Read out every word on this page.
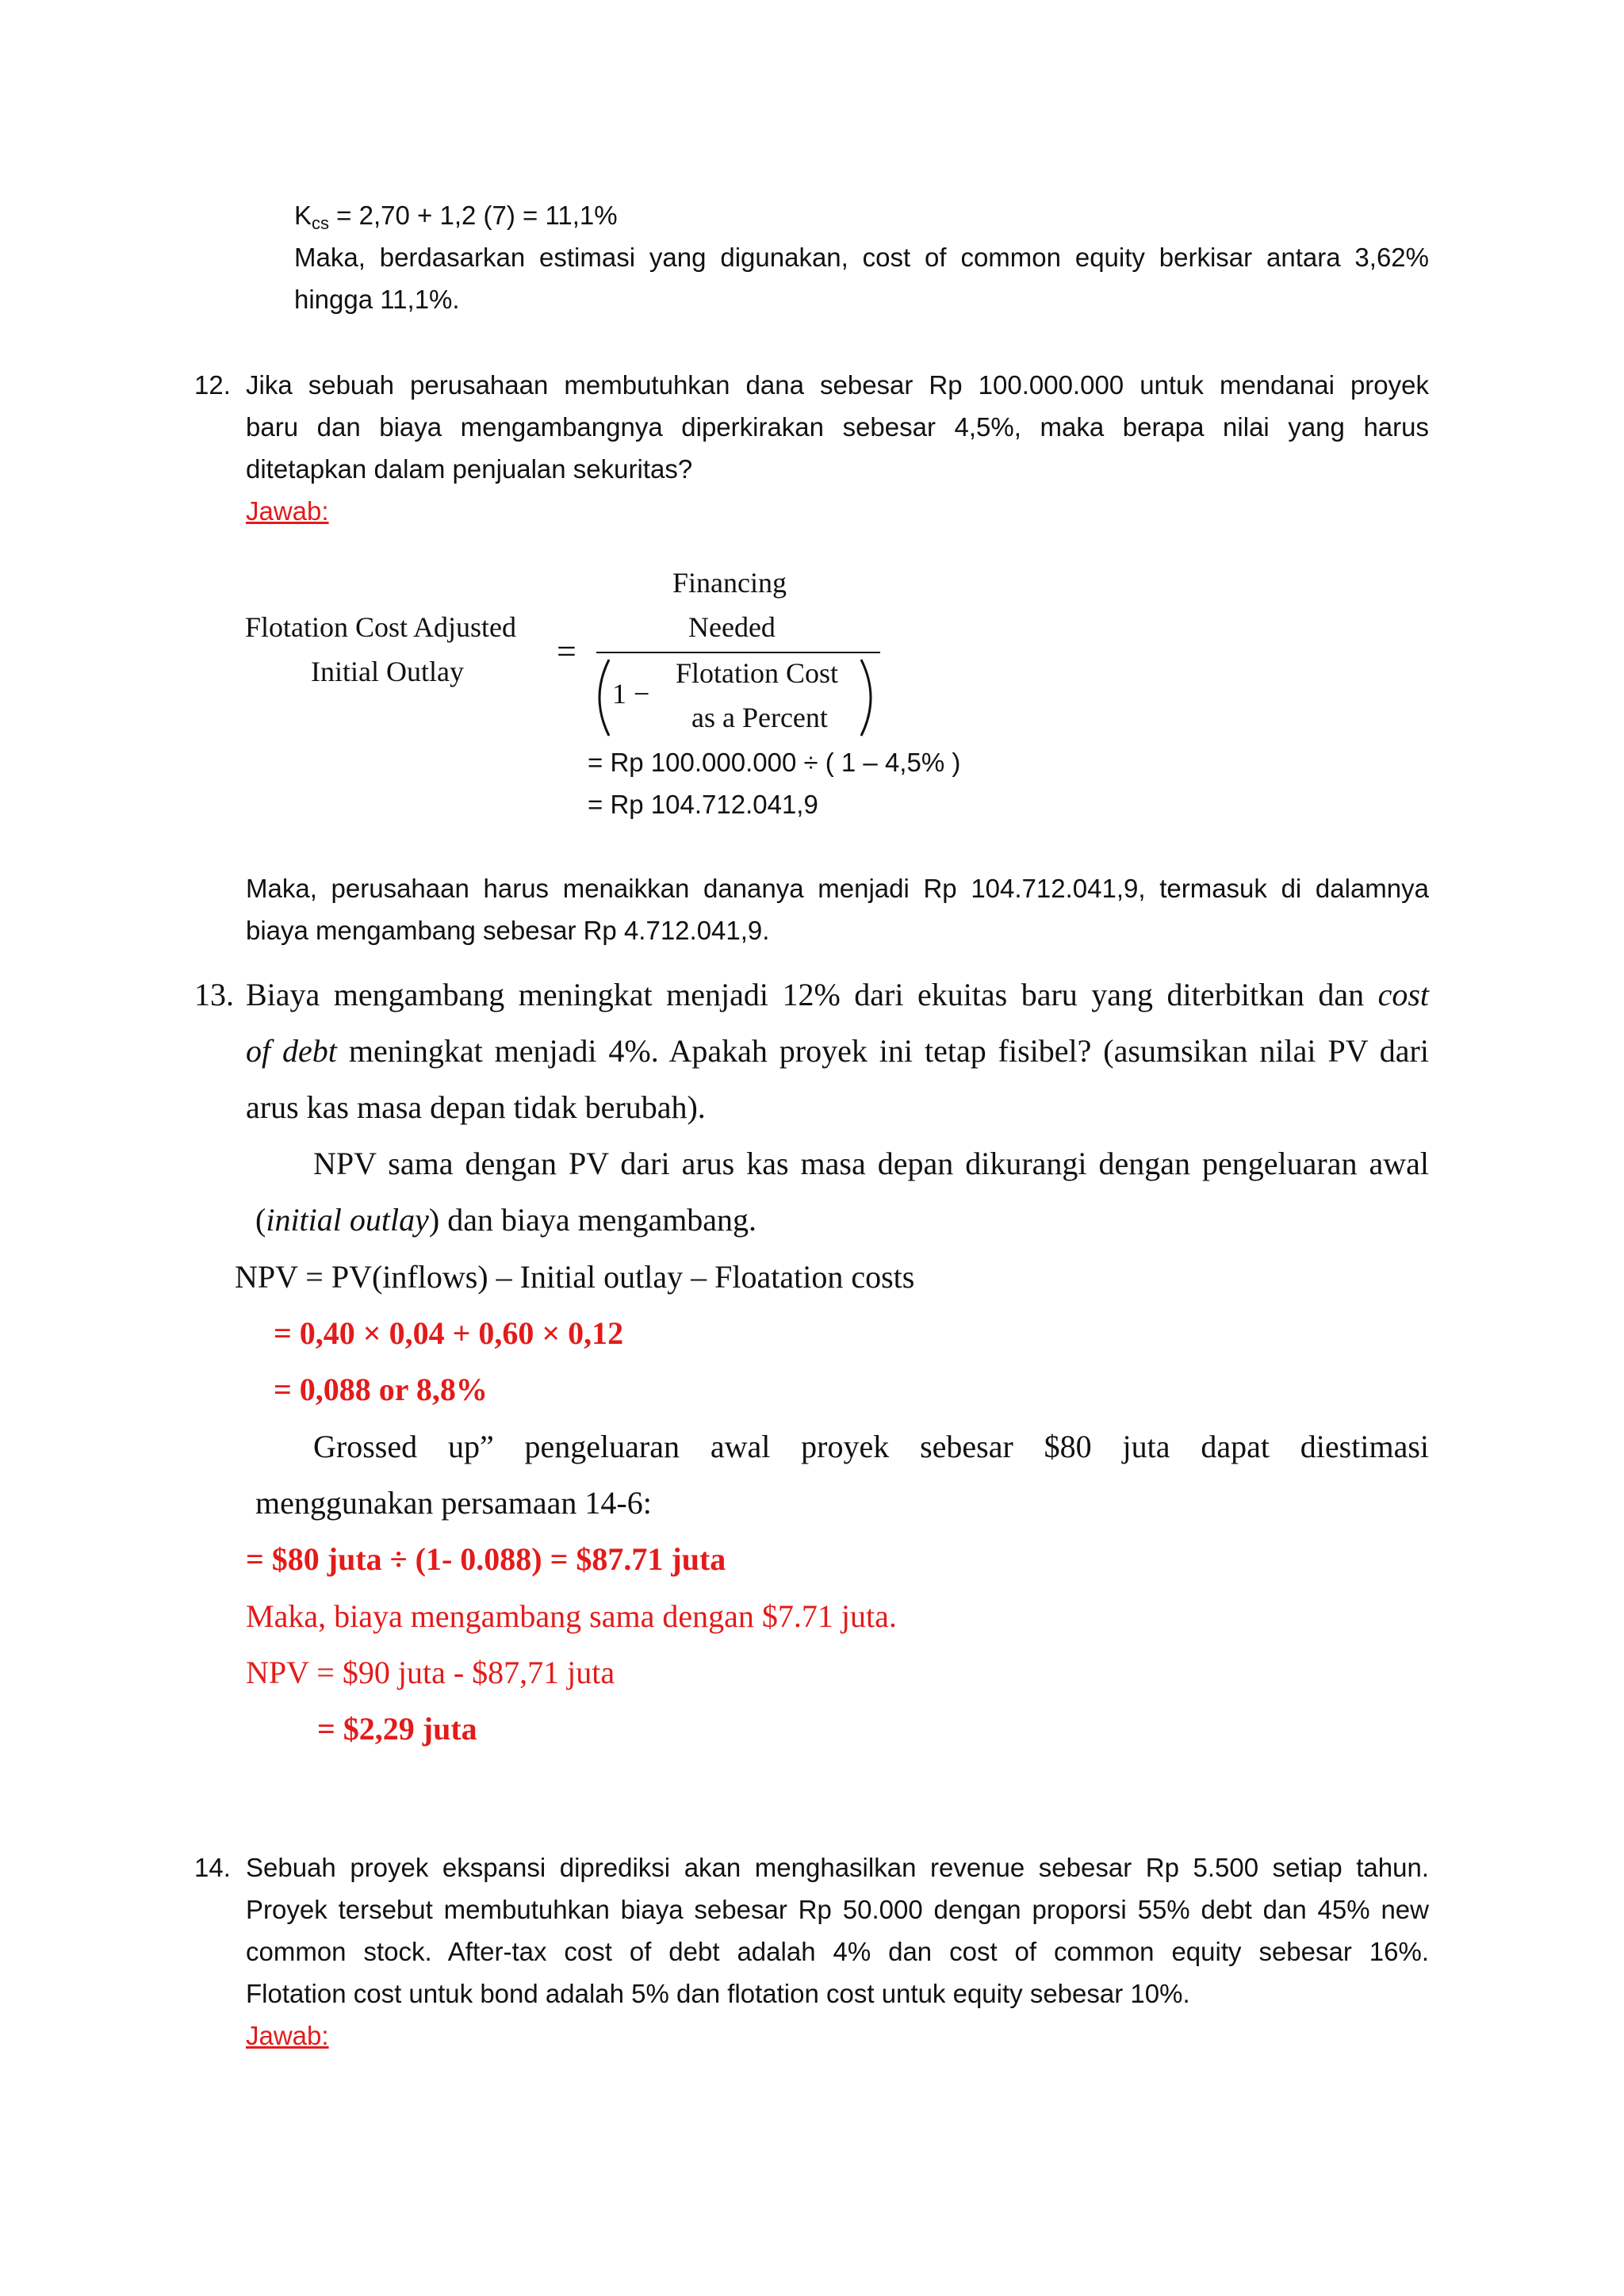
$K_{cs} = 2,70 + 1,2$ (7) = 11,1%
Maka, berdasarkan estimasi yang digunakan, cost of common equity berkisar antara 3,62%
hingga 11,1%.
12. Jika sebuah perusahaan membutuhkan dana sebesar Rp 100.000.000 untuk mendanai proyek
baru dan biaya mengambangnya diperkirakan sebesar 4,5%, maka berapa nilai yang harus
ditetapkan dalam penjualan sekuritas?
Jawab:
Flotation Cost Adjusted
Initial Outlay
=
Financing
Needed
1 −
Flotation Cost
as a Percent
= Rp 100.000.000 ÷ ( 1 – 4,5% )
= Rp 104.712.041,9
Maka, perusahaan harus menaikkan dananya menjadi Rp 104.712.041,9, termasuk di dalamnya
biaya mengambang sebesar Rp 4.712.041,9.
13. Biaya mengambang meningkat menjadi 12% dari ekuitas baru yang diterbitkan dan cost
of debt meningkat menjadi 4%. Apakah proyek ini tetap fisibel? (asumsikan nilai PV dari
arus kas masa depan tidak berubah).
NPV sama dengan PV dari arus kas masa depan dikurangi dengan pengeluaran awal
(initial outlay) dan biaya mengambang.
NPV = PV(inflows) – Initial outlay – Floatation costs
= 0,40 × 0,04 + 0,60 × 0,12
= 0,088 or 8,8%
Grossed up” pengeluaran awal proyek sebesar $80 juta dapat diestimasi
menggunakan persamaan 14-6:
= $80 juta ÷ (1- 0.088) = $87.71 juta
Maka, biaya mengambang sama dengan $7.71 juta.
NPV = $90 juta - $87,71 juta
= $2,29 juta
14. Sebuah proyek ekspansi diprediksi akan menghasilkan revenue sebesar Rp 5.500 setiap tahun.
Proyek tersebut membutuhkan biaya sebesar Rp 50.000 dengan proporsi 55% debt dan 45% new
common stock. After-tax cost of debt adalah 4% dan cost of common equity sebesar 16%.
Flotation cost untuk bond adalah 5% dan flotation cost untuk equity sebesar 10%.
Jawab:
